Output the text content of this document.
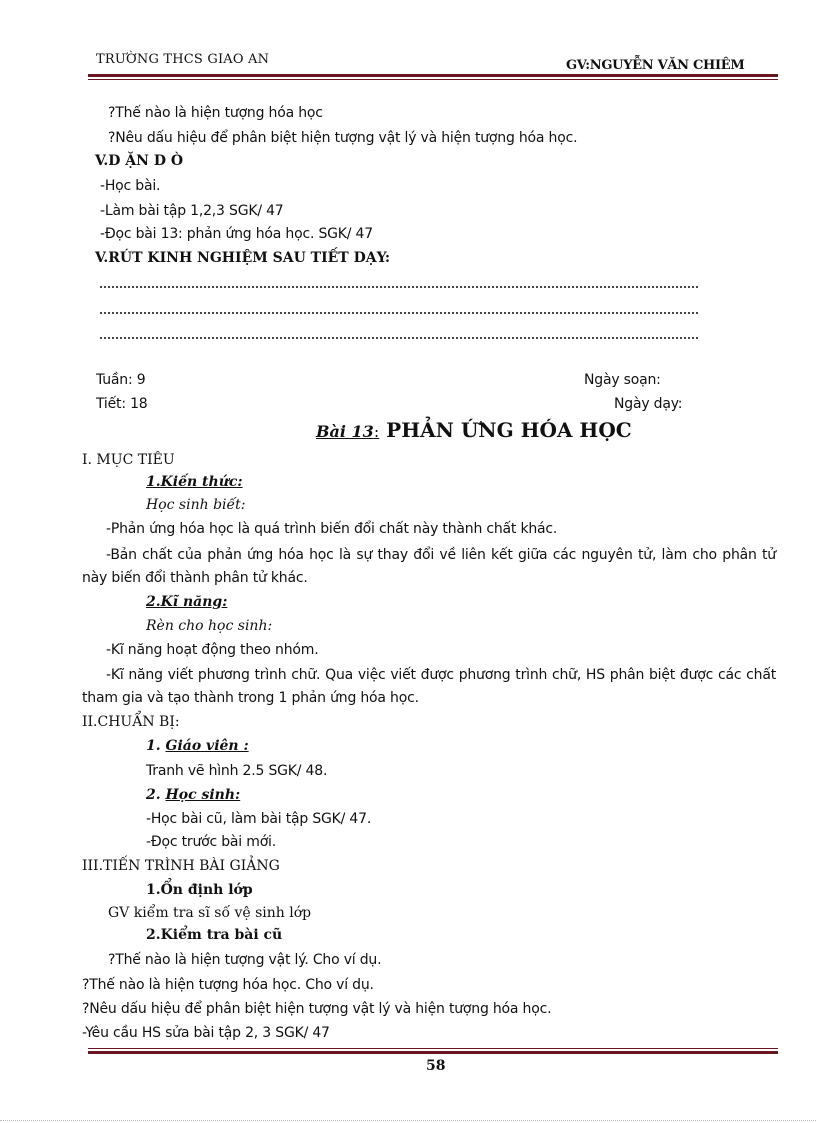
TRƯỜNG THCS GIAO AN	GV:NGUYỄN VĂN CHIÊM
?Thế nào là hiện tượng hóa học
?Nêu dấu hiệu để phân biệt hiện tượng vật lý và hiện tượng hóa học.
V.D ẶN D Ò
-Học bài.
-Làm bài tập 1,2,3 SGK/ 47
-Đọc bài 13: phản ứng hóa học. SGK/ 47
V.RÚT KINH NGHIỆM SAU TIẾT DẠY:
Tuần: 9
Tiết: 18
Ngày soạn:
Ngày dạy:
Bài 13: PHẢN ỨNG HÓA HỌC
I. MỤC TIÊU
1.Kiến thức:
Học sinh biết:
-Phản ứng hóa học là quá trình biến đổi chất này thành chất khác.
-Bản chất của phản ứng hóa học là sự thay đổi về liên kết giữa các nguyên tử, làm cho phân tử này biến đổi thành phân tử khác.
2.Kĩ năng:
Rèn cho học sinh:
-Kĩ năng hoạt động theo nhóm.
-Kĩ năng viết phương trình chữ. Qua việc viết được phương trình chữ, HS phân biệt được các chất tham gia và tạo thành trong 1 phản ứng hóa học.
II.CHUẨN BỊ:
1. Giáo viên :
Tranh vẽ hình 2.5 SGK/ 48.
2. Học sinh:
-Học bài cũ, làm bài tập SGK/ 47.
-Đọc trước bài mới.
III.TIẾN TRÌNH BÀI GIẢNG
1.Ổn định lớp
GV kiểm tra sĩ số vệ sinh lớp
2.Kiểm tra bài cũ
?Thế nào là hiện tượng vật lý. Cho ví dụ.
?Thế nào là hiện tượng hóa học. Cho ví dụ.
?Nêu dấu hiệu để phân biệt hiện tượng vật lý và hiện tượng hóa học.
-Yêu cầu HS sửa bài tập 2, 3 SGK/ 47
58
